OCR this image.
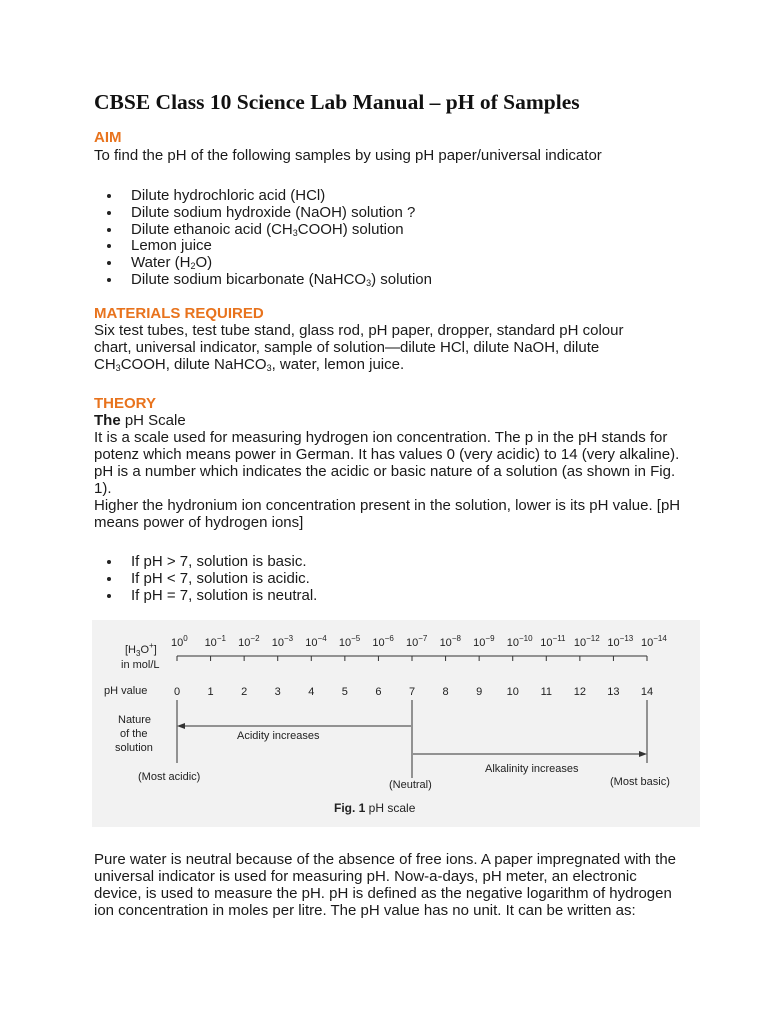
CBSE Class 10 Science Lab Manual – pH of Samples
AIM
To find the pH of the following samples by using pH paper/universal indicator
Dilute hydrochloric acid (HCl)
Dilute sodium hydroxide (NaOH) solution ?
Dilute ethanoic acid $(CH_3COOH)$ solution
Lemon juice
Water $(H_2O)$
Dilute sodium bicarbonate (NaHCO$_3$) solution
MATERIALS REQUIRED

Six test tubes, test tube stand, glass rod, pH paper, dropper, standard pH colour

chart, universal indicator, sample of solution—dilute HCl, dilute NaOH, dilute

$CH_3COOH$, dilute NaHCO$_3$, water, lemon juice.

THEORY
The pH Scale

It is a scale used for measuring hydrogen ion concentration. The p in the pH stands for potenz which means power in German. It has values 0 (very acidic) to 14 (very alkaline). pH is a number which indicates the acidic or basic nature of a solution (as shown in Fig. 1).

Higher the hydronium ion concentration present in the solution, lower is its pH value. [pH means power of hydrogen ions]

If pH > 7, solution is basic.
If pH < 7, solution is acidic.
If pH = 7, solution is neutral.
$[H_3O^+]$
in mol/L
pH value
Nature
of the
solution
$10^0$ $10^{-1}$ $10^{-2}$ $10^{-3}$ $10^{-4}$ $10^{-5}$ $10^{-6}$ $10^{-7}$ $10^{-8}$ $10^{-9}$ $10^{-10}$ $10^{-11}$ $10^{-12}$ $10^{-13}$ $10^{-14}$
0 1 2 3 4 5 6 7 8 9 10 11 12 13 14
Acidity increases
Alkalinity increases
(Most acidic)
(Neutral)	(Most basic)
Fig. 1 pH scale
Pure water is neutral because of the absence of free ions. A paper impregnated with the universal indicator is used for measuring pH. Now-a-days, pH meter, an electronic device, is used to measure the pH. pH is defined as the negative logarithm of hydrogen ion concentration in moles per litre. The pH value has no unit. It can be written as:
